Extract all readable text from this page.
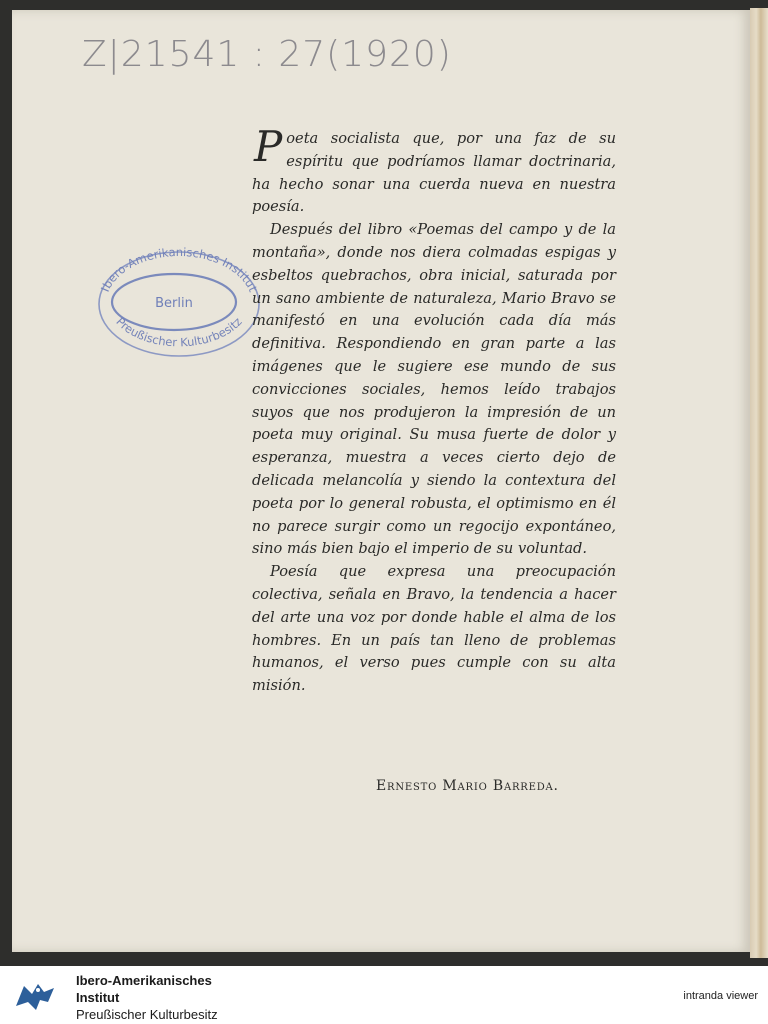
Z|21541 : 27(1920)
Ibero-Amerikanisches Institut
Berlin
Preußischer Kulturbesitz

Poeta socialista que, por una faz de su espíritu que podríamos llamar doctrinaria, ha hecho sonar una cuerda nueva en nuestra poesía.

Después del libro «Poemas del campo y de la montaña», donde nos diera colmadas espigas y esbeltos quebrachos, obra inicial, saturada por un sano ambiente de naturaleza, Mario Bravo se manifestó en una evolución cada día más definitiva. Respondiendo en gran parte a las imágenes que le sugiere ese mundo de sus convicciones sociales, hemos leído trabajos suyos que nos produjeron la impresión de un poeta muy original. Su musa fuerte de dolor y esperanza, muestra a veces cierto dejo de delicada melancolía y siendo la contextura del poeta por lo general robusta, el optimismo en él no parece surgir como un regocijo expontáneo, sino más bien bajo el imperio de su voluntad.

Poesía que expresa una preocupación colectiva, señala en Bravo, la tendencia a hacer del arte una voz por donde hable el alma de los hombres. En un país tan lleno de problemas humanos, el verso pues cumple con su alta misión.

Ernesto Mario Barreda.
Ibero-Amerikanisches
Institut
Preußischer Kulturbesitz
intranda viewer
